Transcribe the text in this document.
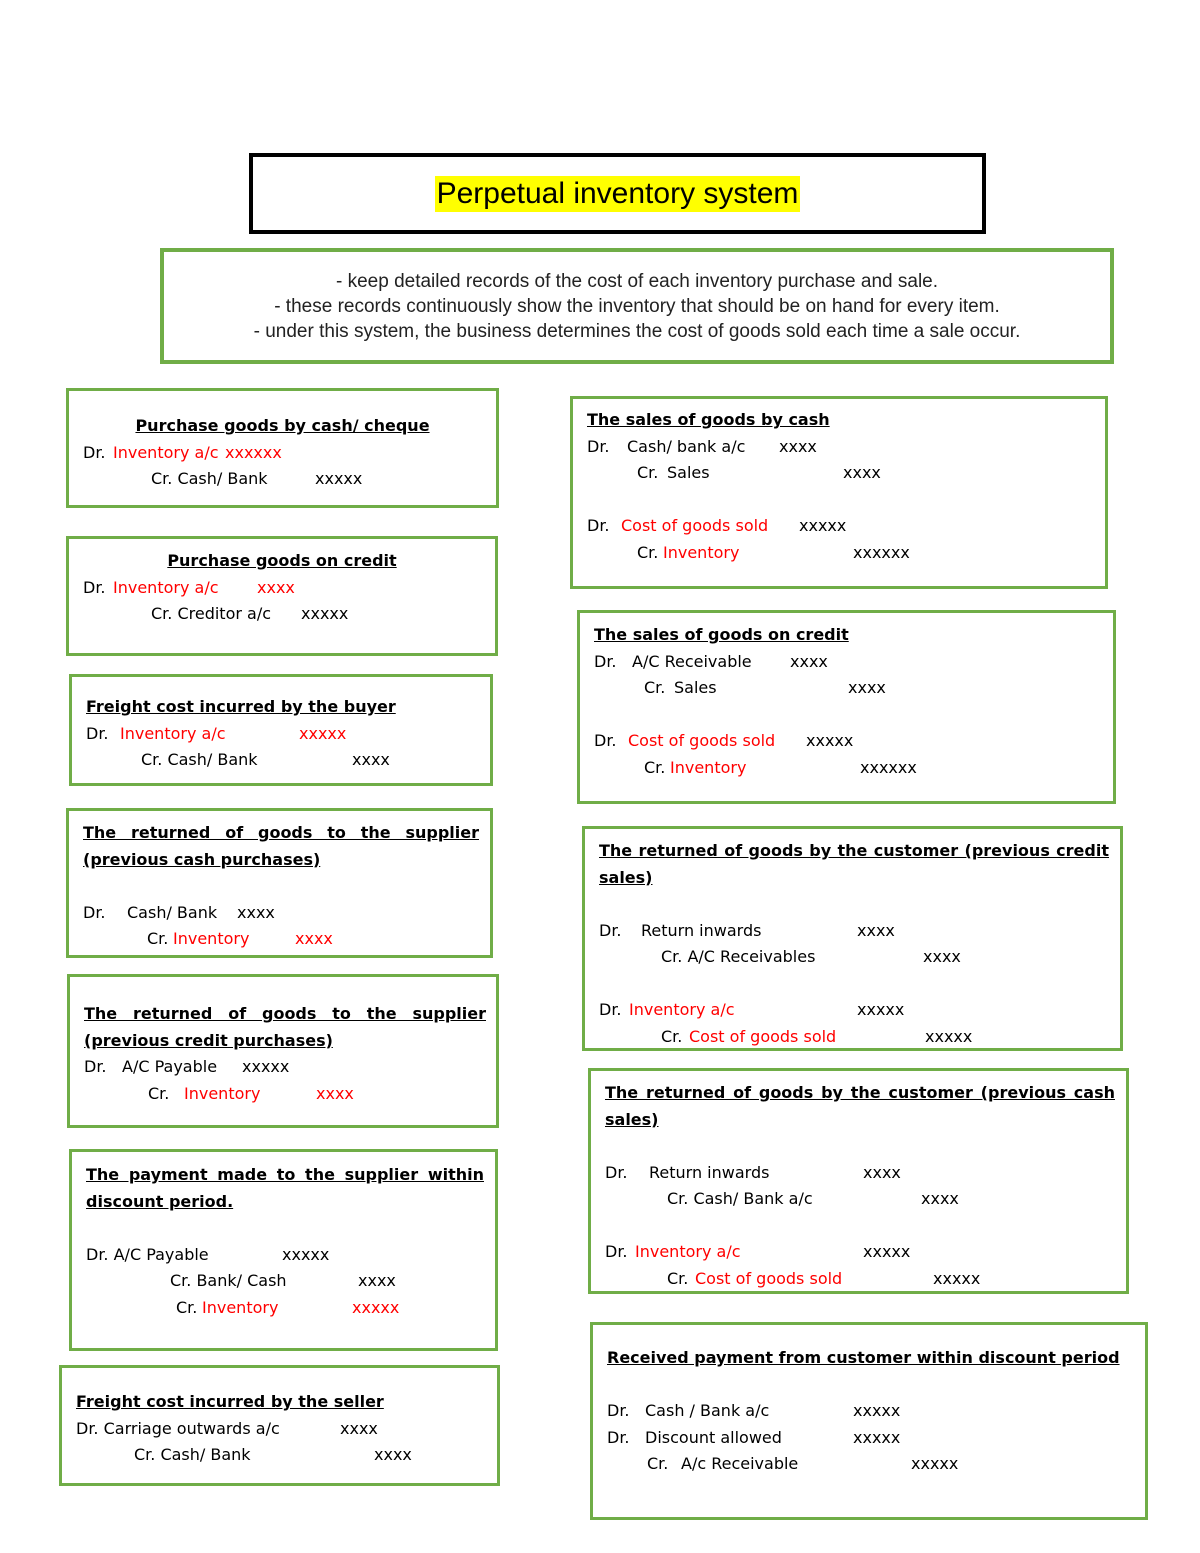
Perpetual inventory system
- keep detailed records of the cost of each inventory purchase and sale.
- these records continuously show the inventory that should be on hand for every item.
- under this system, the business determines the cost of goods sold each time a sale occur.
Purchase goods by cash/ cheque
Dr. Inventory a/c xxxxxx
Cr. Cash/ Bank	xxxxx
Purchase goods on credit
Dr. Inventory a/c xxxx
Cr. Creditor a/c xxxxx
Freight cost incurred by the buyer
Dr. Inventory a/c	xxxxx
Cr. Cash/ Bank	xxxx
The returned of goods to the supplier (previous cash purchases)
Dr. Cash/ Bank xxxx
Cr. Inventory	xxxx
The returned of goods to the supplier (previous credit purchases)
Dr. A/C Payable xxxxx
Cr. Inventory	xxxx
The payment made to the supplier within discount period.
Dr. A/C Payable	xxxxx
Cr. Bank/ Cash	xxxx
Cr. Inventory	xxxxx
Freight cost incurred by the seller
Dr. Carriage outwards a/c	xxxx
Cr. Cash/ Bank	xxxx
The sales of goods by cash
Dr. Cash/ bank a/c xxxx
Cr. Sales	xxxx
Dr. Cost of goods sold xxxxx
Cr. Inventory	xxxxxx
The sales of goods on credit
Dr. A/C Receivable xxxx
Cr. Sales	xxxx
Dr. Cost of goods sold xxxxx
Cr. Inventory	xxxxxx
The returned of goods by the customer (previous credit sales)
Dr. Return inwards	xxxx
Cr. A/C Receivables	xxxx
Dr. Inventory a/c	xxxxx
Cr. Cost of goods sold	xxxxx
The returned of goods by the customer (previous cash sales)
Dr. Return inwards	xxxx
Cr. Cash/ Bank a/c	xxxx
Dr. Inventory a/c	xxxxx
Cr. Cost of goods sold	xxxxx
Received payment from customer within discount period
Dr. Cash / Bank a/c	xxxxx
Dr. Discount allowed	xxxxx
Cr. A/c Receivable	xxxxx
